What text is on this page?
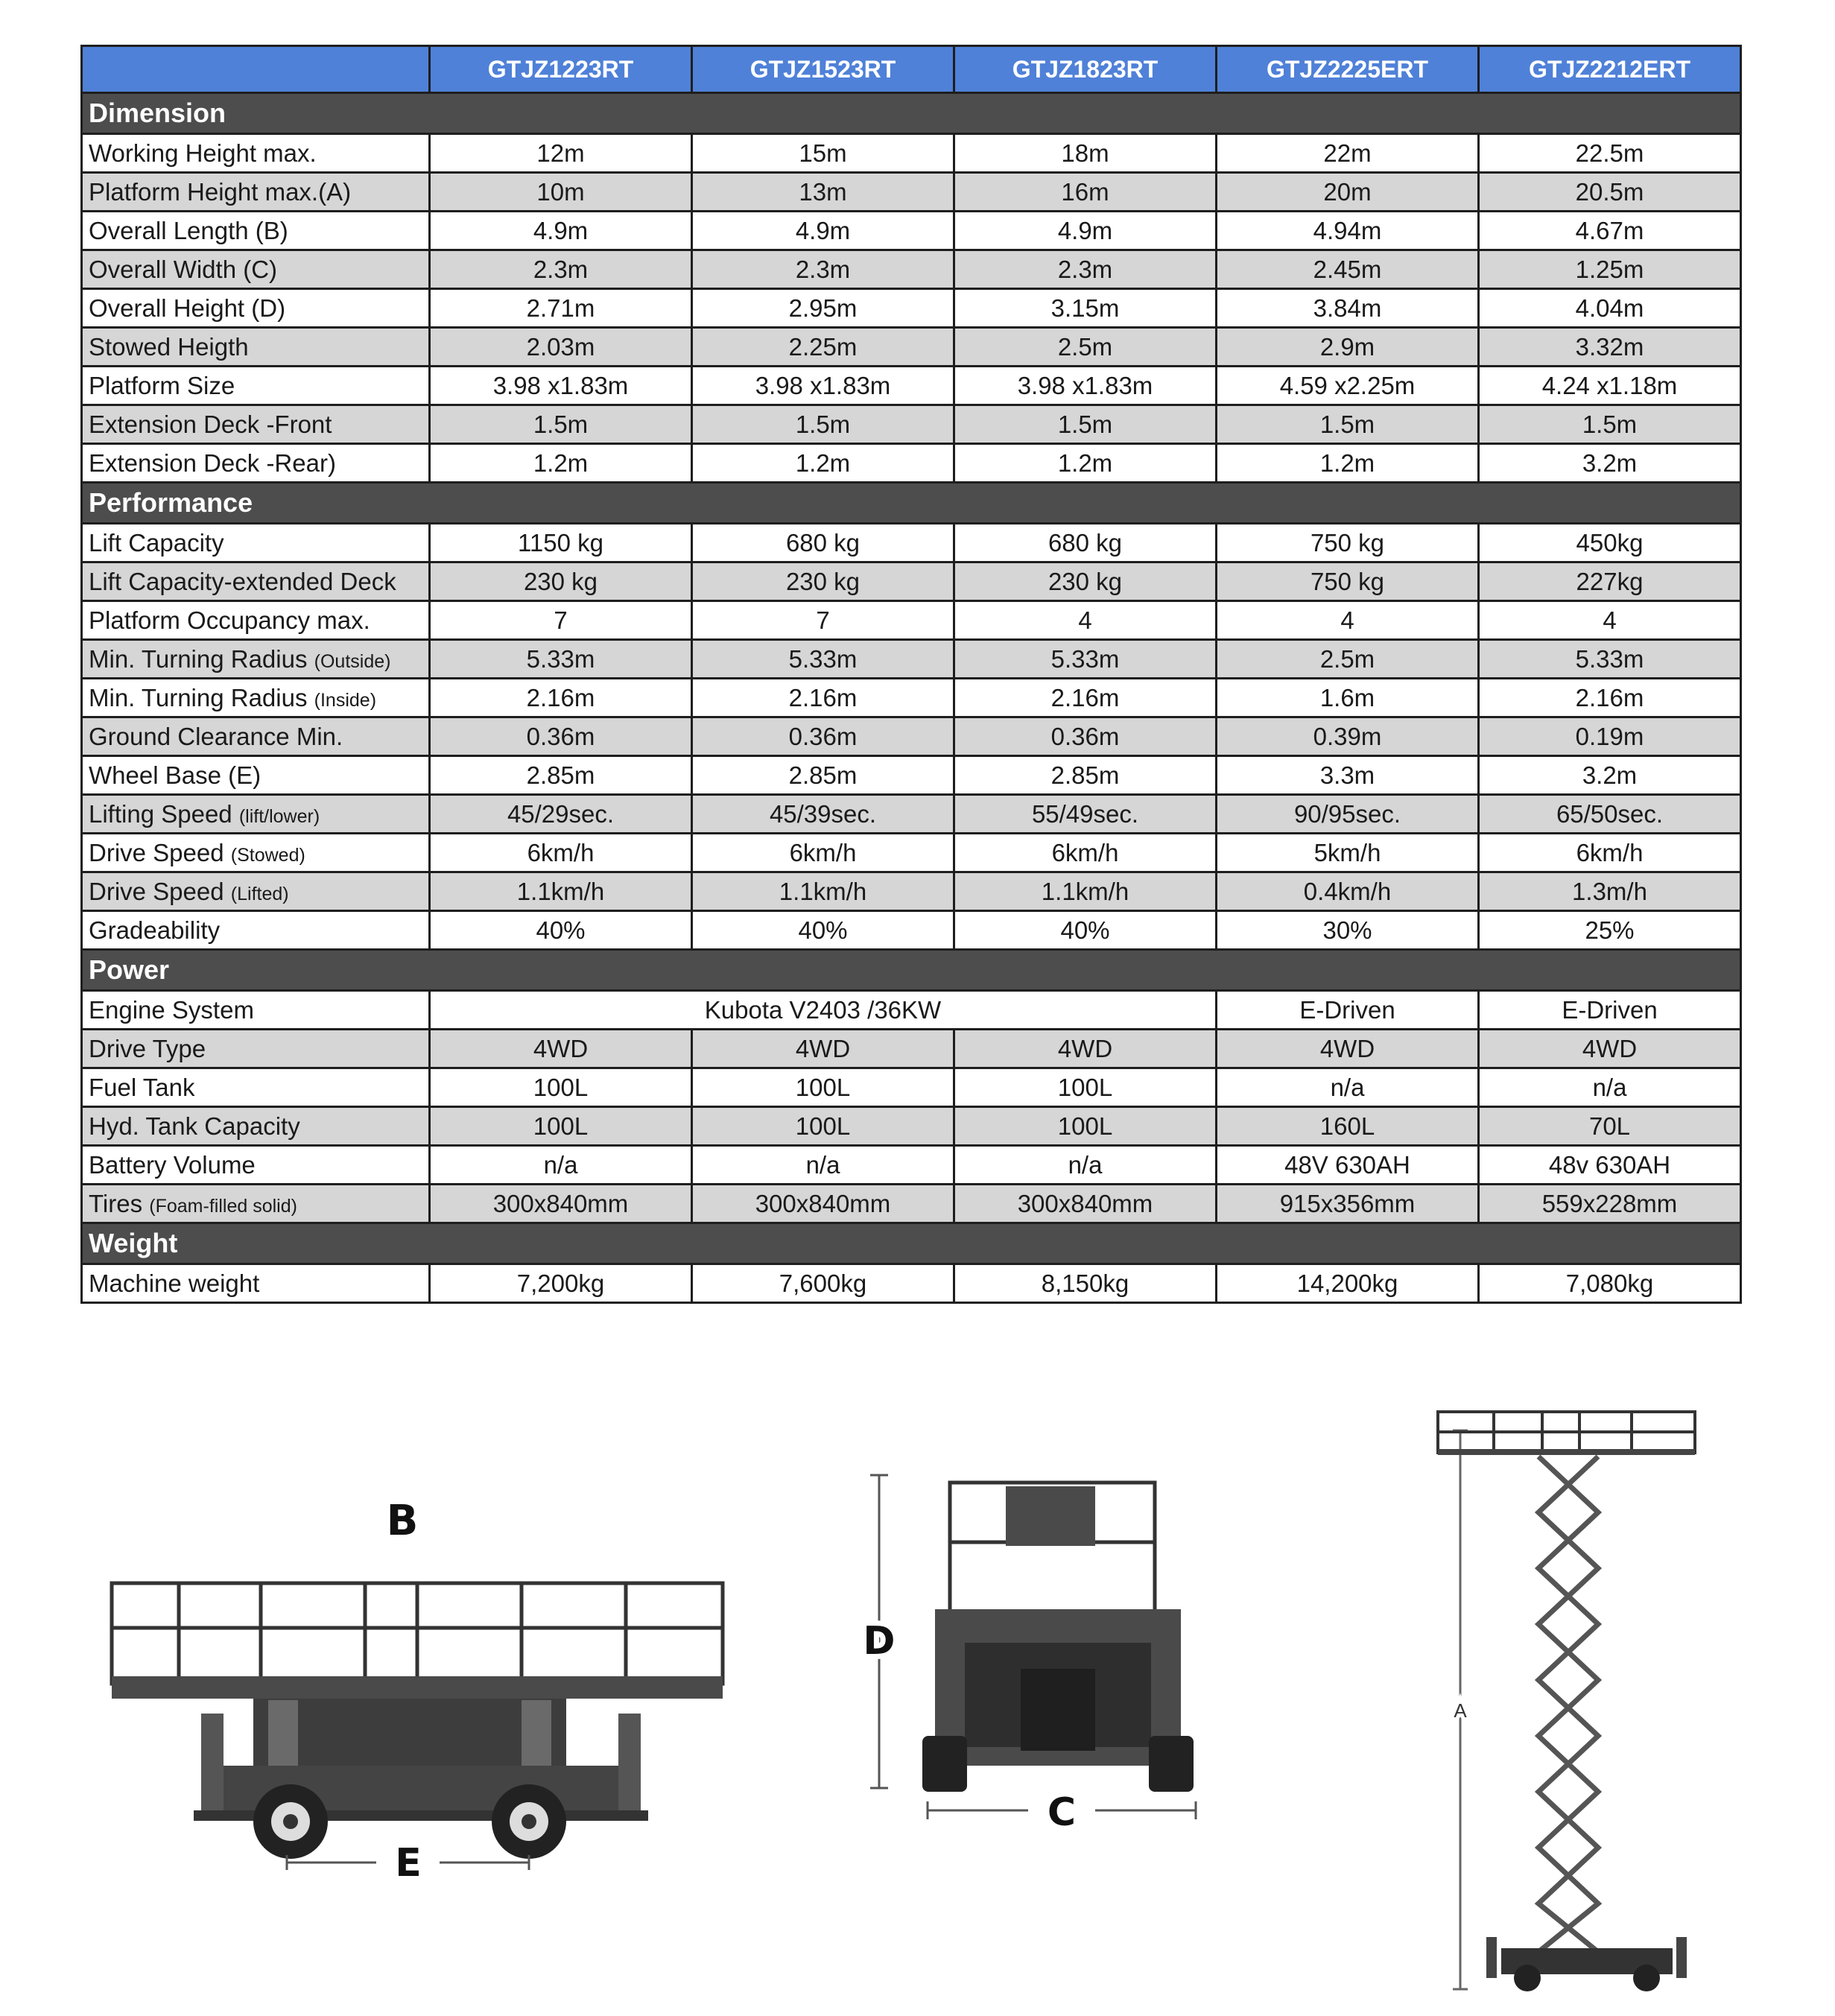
	GTJZ1223RT	GTJZ1523RT	GTJZ1823RT	GTJZ2225ERT	GTJZ2212ERT
Dimension					
Working Height max.	12m	15m	18m	22m	22.5m
Platform Height max.(A)	10m	13m	16m	20m	20.5m
Overall Length (B)	4.9m	4.9m	4.9m	4.94m	4.67m
Overall Width (C)	2.3m	2.3m	2.3m	2.45m	1.25m
Overall Height (D)	2.71m	2.95m	3.15m	3.84m	4.04m
Stowed Heigth	2.03m	2.25m	2.5m	2.9m	3.32m
Platform Size	3.98 x1.83m	3.98 x1.83m	3.98 x1.83m	4.59 x2.25m	4.24 x1.18m
Extension Deck -Front	1.5m	1.5m	1.5m	1.5m	1.5m
Extension Deck -Rear)	1.2m	1.2m	1.2m	1.2m	3.2m
Performance					
Lift Capacity	1150 kg	680 kg	680 kg	750 kg	450kg
Lift Capacity-extended Deck	230 kg	230 kg	230 kg	750 kg	227kg
Platform Occupancy max.	7	7	4	4	4
Min. Turning Radius (Outside)	5.33m	5.33m	5.33m	2.5m	5.33m
Min. Turning Radius (Inside)	2.16m	2.16m	2.16m	1.6m	2.16m
Ground Clearance Min.	0.36m	0.36m	0.36m	0.39m	0.19m
Wheel Base (E)	2.85m	2.85m	2.85m	3.3m	3.2m
Lifting Speed (lift/lower)	45/29sec.	45/39sec.	55/49sec.	90/95sec.	65/50sec.
Drive Speed (Stowed)	6km/h	6km/h	6km/h	5km/h	6km/h
Drive Speed (Lifted)	1.1km/h	1.1km/h	1.1km/h	0.4km/h	1.3m/h
Gradeability	40%	40%	40%	30%	25%
Power					
Engine System	Kubota V2403 /36KW			E-Driven	E-Driven
Drive Type	4WD	4WD	4WD	4WD	4WD
Fuel Tank	100L	100L	100L	n/a	n/a
Hyd. Tank Capacity	100L	100L	100L	160L	70L
Battery Volume	n/a	n/a	n/a	48V 630AH	48v 630AH
Tires (Foam-filled solid)	300x840mm	300x840mm	300x840mm	915x356mm	559x228mm
Weight					
Machine weight	7,200kg	7,600kg	8,150kg	14,200kg	7,080kg
B
E
D
C
A
